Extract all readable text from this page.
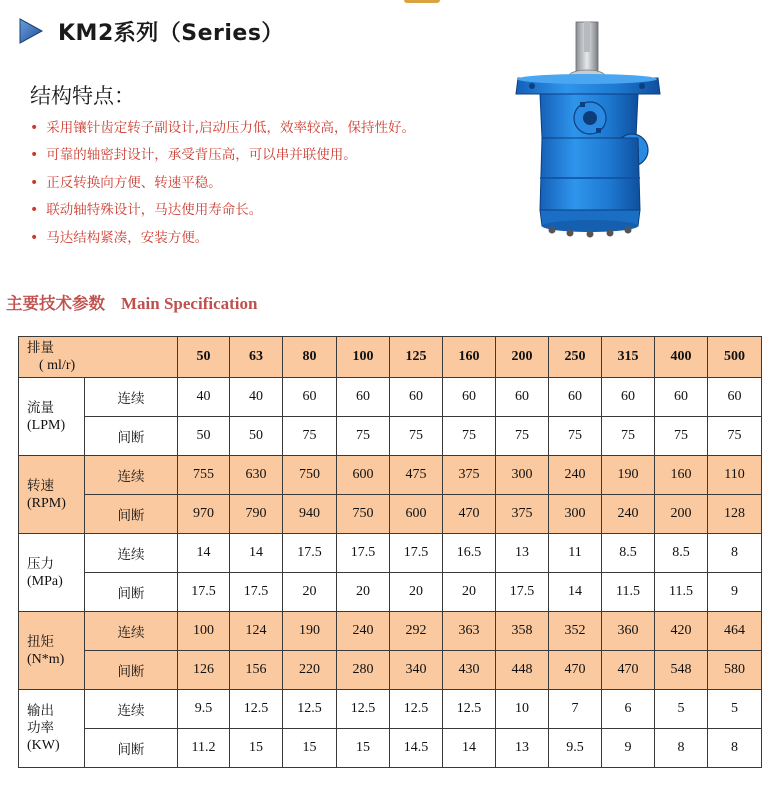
KM2系列（Series）
结构特点：
• 采用镶针齿定转子副设计,启动压力低，效率较高，保持性好。
• 可靠的轴密封设计，承受背压高，可以串并联使用。
• 正反转换向方便、转速平稳。
• 联动轴特殊设计，马达使用寿命长。
• 马达结构紧凑，安装方便。
主要技术参数 Main Specification
排量
( ml/r)		50	63	80	100	125	160	200	250	315	400	500

流量
(LPM)	连续	40	40	60	60	60	60	60	60	60	60	60
	间断	50	50	75	75	75	75	75	75	75	75	75

转速
(RPM)	连续	755	630	750	600	475	375	300	240	190	160	110
	间断	970	790	940	750	600	470	375	300	240	200	128

压力
(MPa)	连续	14	14	17.5	17.5	17.5	16.5	13	11	8.5	8.5	8
	间断	17.5	17.5	20	20	20	20	17.5	14	11.5	11.5	9

扭矩
(N*m)	连续	100	124	190	240	292	363	358	352	360	420	464
	间断	126	156	220	280	340	430	448	470	470	548	580

输出
功率
(KW)	连续	9.5	12.5	12.5	12.5	12.5	12.5	10	7	6	5	5
	间断	11.2	15	15	15	14.5	14	13	9.5	9	8	8
